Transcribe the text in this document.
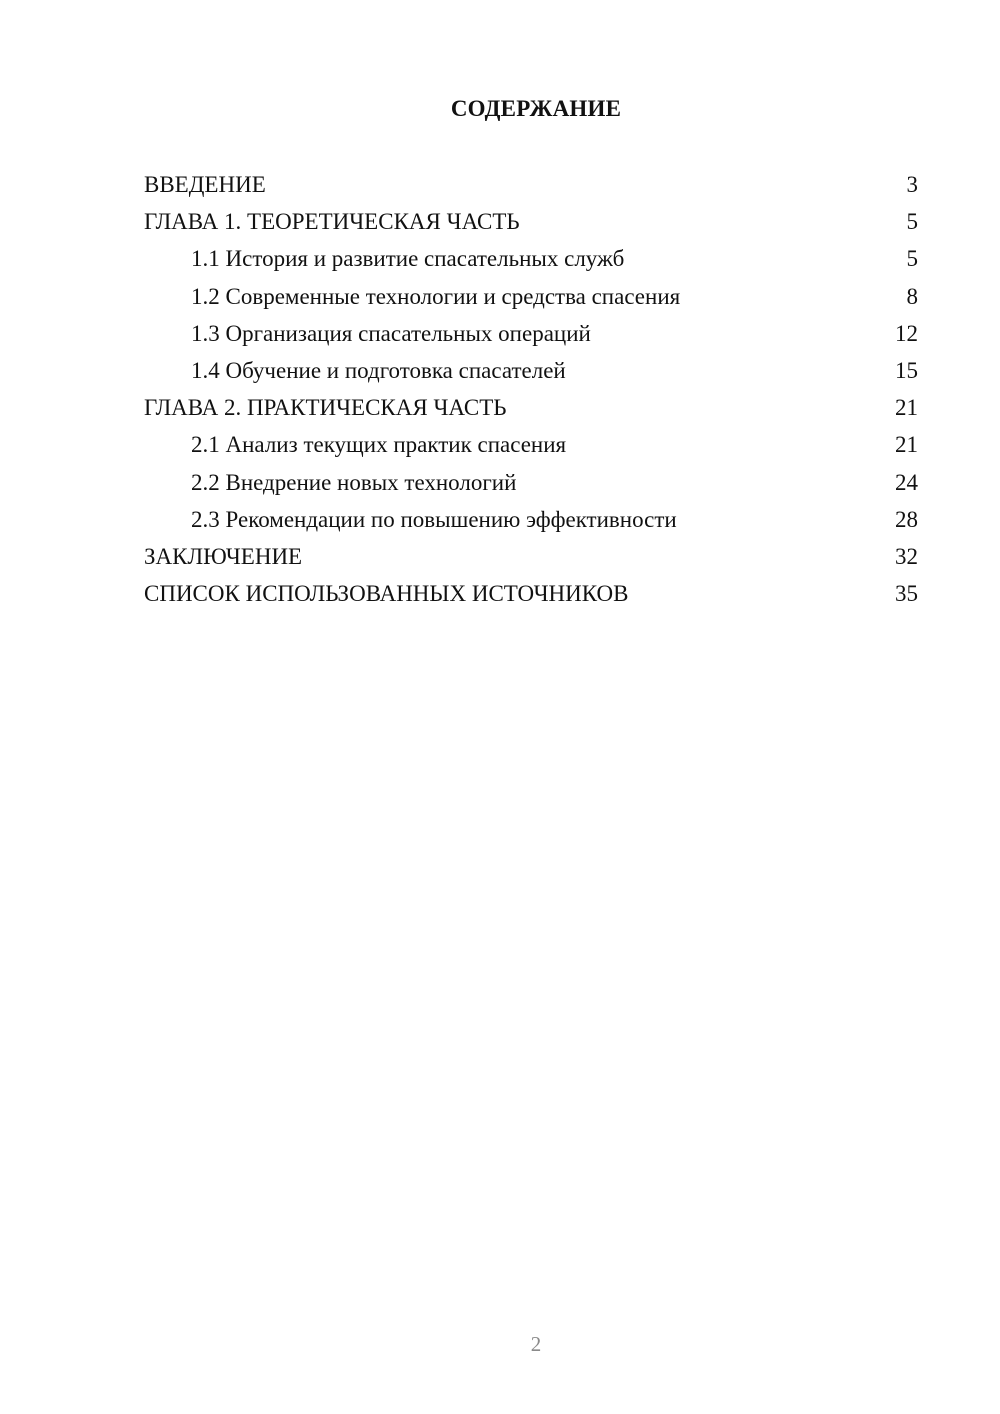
СОДЕРЖАНИЕ
ВВЕДЕНИЕ	3
ГЛАВА 1. ТЕОРЕТИЧЕСКАЯ ЧАСТЬ	5
1.1 История и развитие спасательных служб	5
1.2 Современные технологии и средства спасения	8
1.3 Организация спасательных операций	12
1.4 Обучение и подготовка спасателей	15
ГЛАВА 2. ПРАКТИЧЕСКАЯ ЧАСТЬ	21
2.1 Анализ текущих практик спасения	21
2.2 Внедрение новых технологий	24
2.3 Рекомендации по повышению эффективности	28
ЗАКЛЮЧЕНИЕ	32
СПИСОК ИСПОЛЬЗОВАННЫХ ИСТОЧНИКОВ	35
2
